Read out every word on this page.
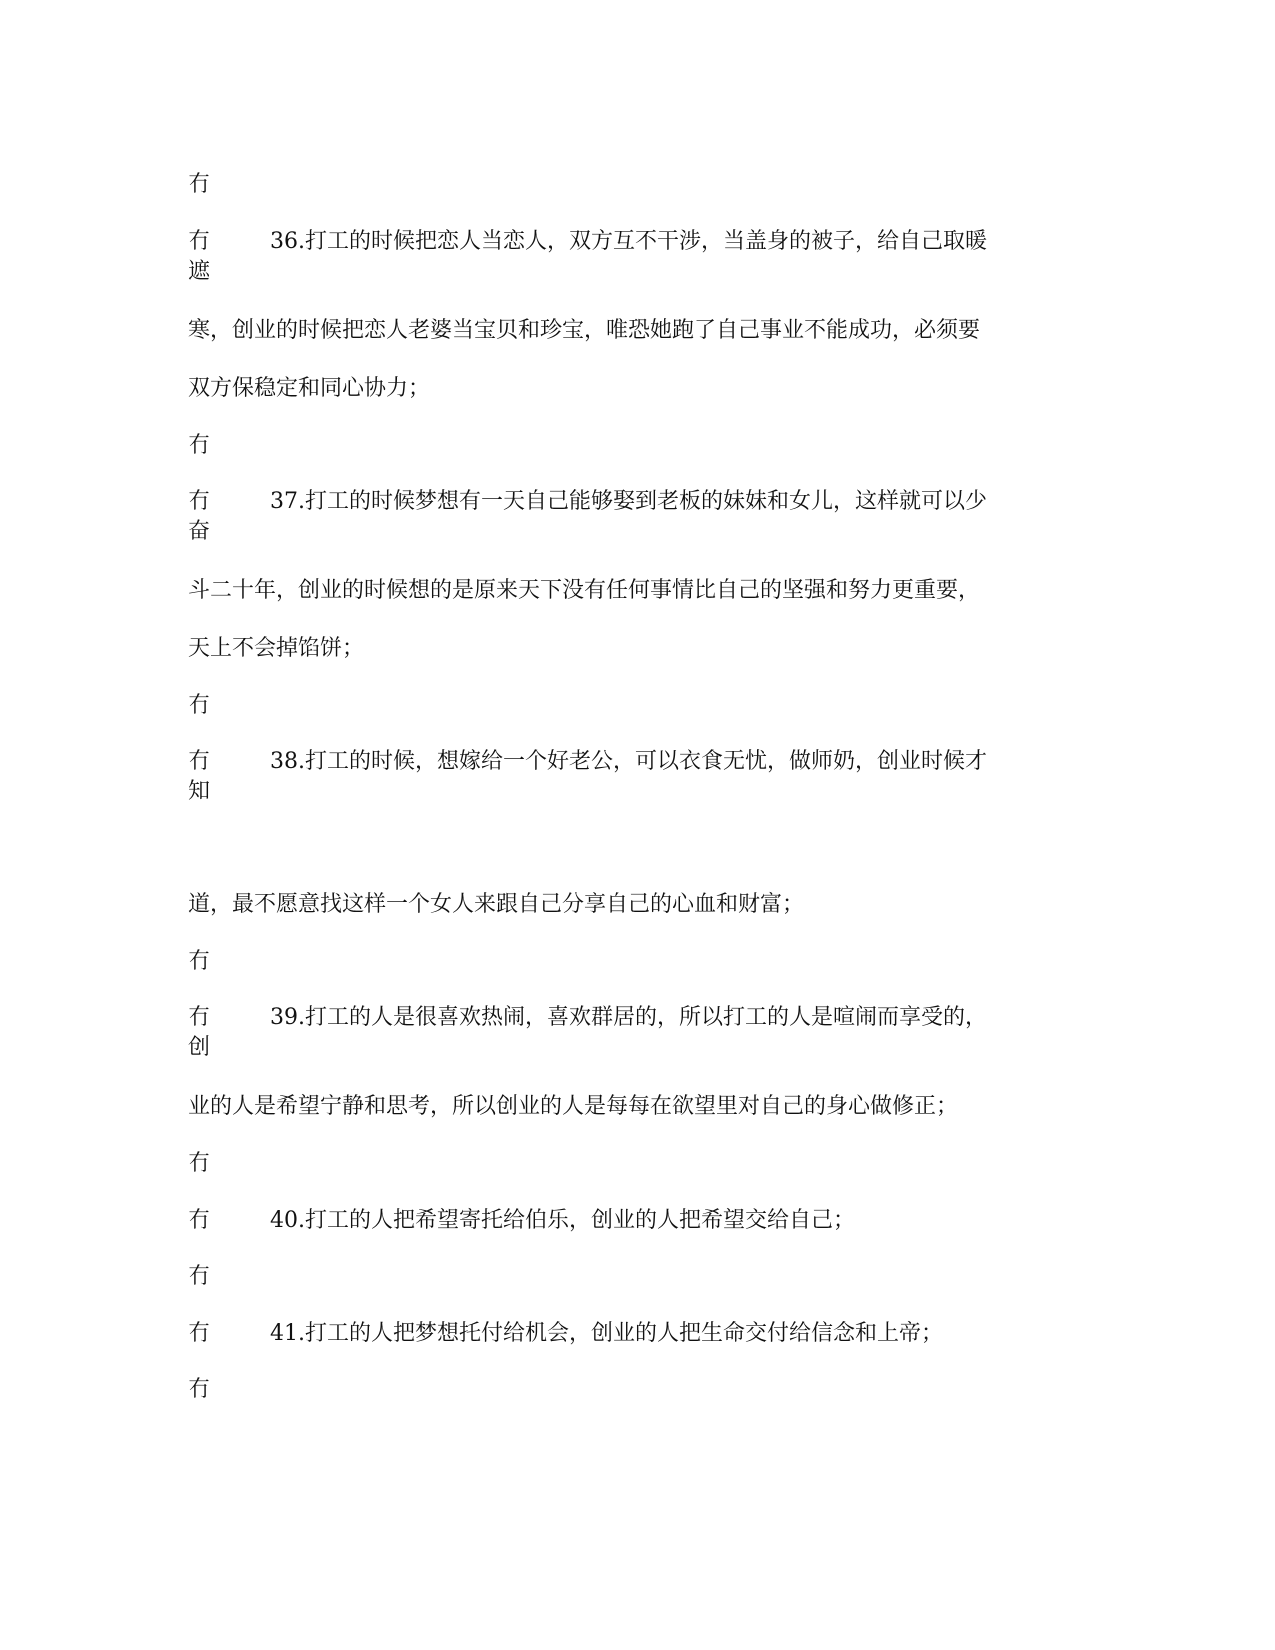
冇
冇
遮
36.打工的时候把恋人当恋人，双方互不干涉，当盖身的被子，给自己取暖
寒，创业的时候把恋人老婆当宝贝和珍宝，唯恐她跑了自己事业不能成功，必须要
双方保稳定和同心协力；
冇
冇
奋
37.打工的时候梦想有一天自己能够娶到老板的妹妹和女儿，这样就可以少
斗二十年，创业的时候想的是原来天下没有任何事情比自己的坚强和努力更重要，
天上不会掉馅饼；
冇
冇
知
38.打工的时候，想嫁给一个好老公，可以衣食无忧，做师奶，创业时候才
道，最不愿意找这样一个女人来跟自己分享自己的心血和财富；
冇
冇
创
39.打工的人是很喜欢热闹，喜欢群居的，所以打工的人是喧闹而享受的，
业的人是希望宁静和思考，所以创业的人是每每在欲望里对自己的身心做修正；
冇
冇	40.打工的人把希望寄托给伯乐，创业的人把希望交给自己；
冇
冇	41.打工的人把梦想托付给机会，创业的人把生命交付给信念和上帝；
冇
